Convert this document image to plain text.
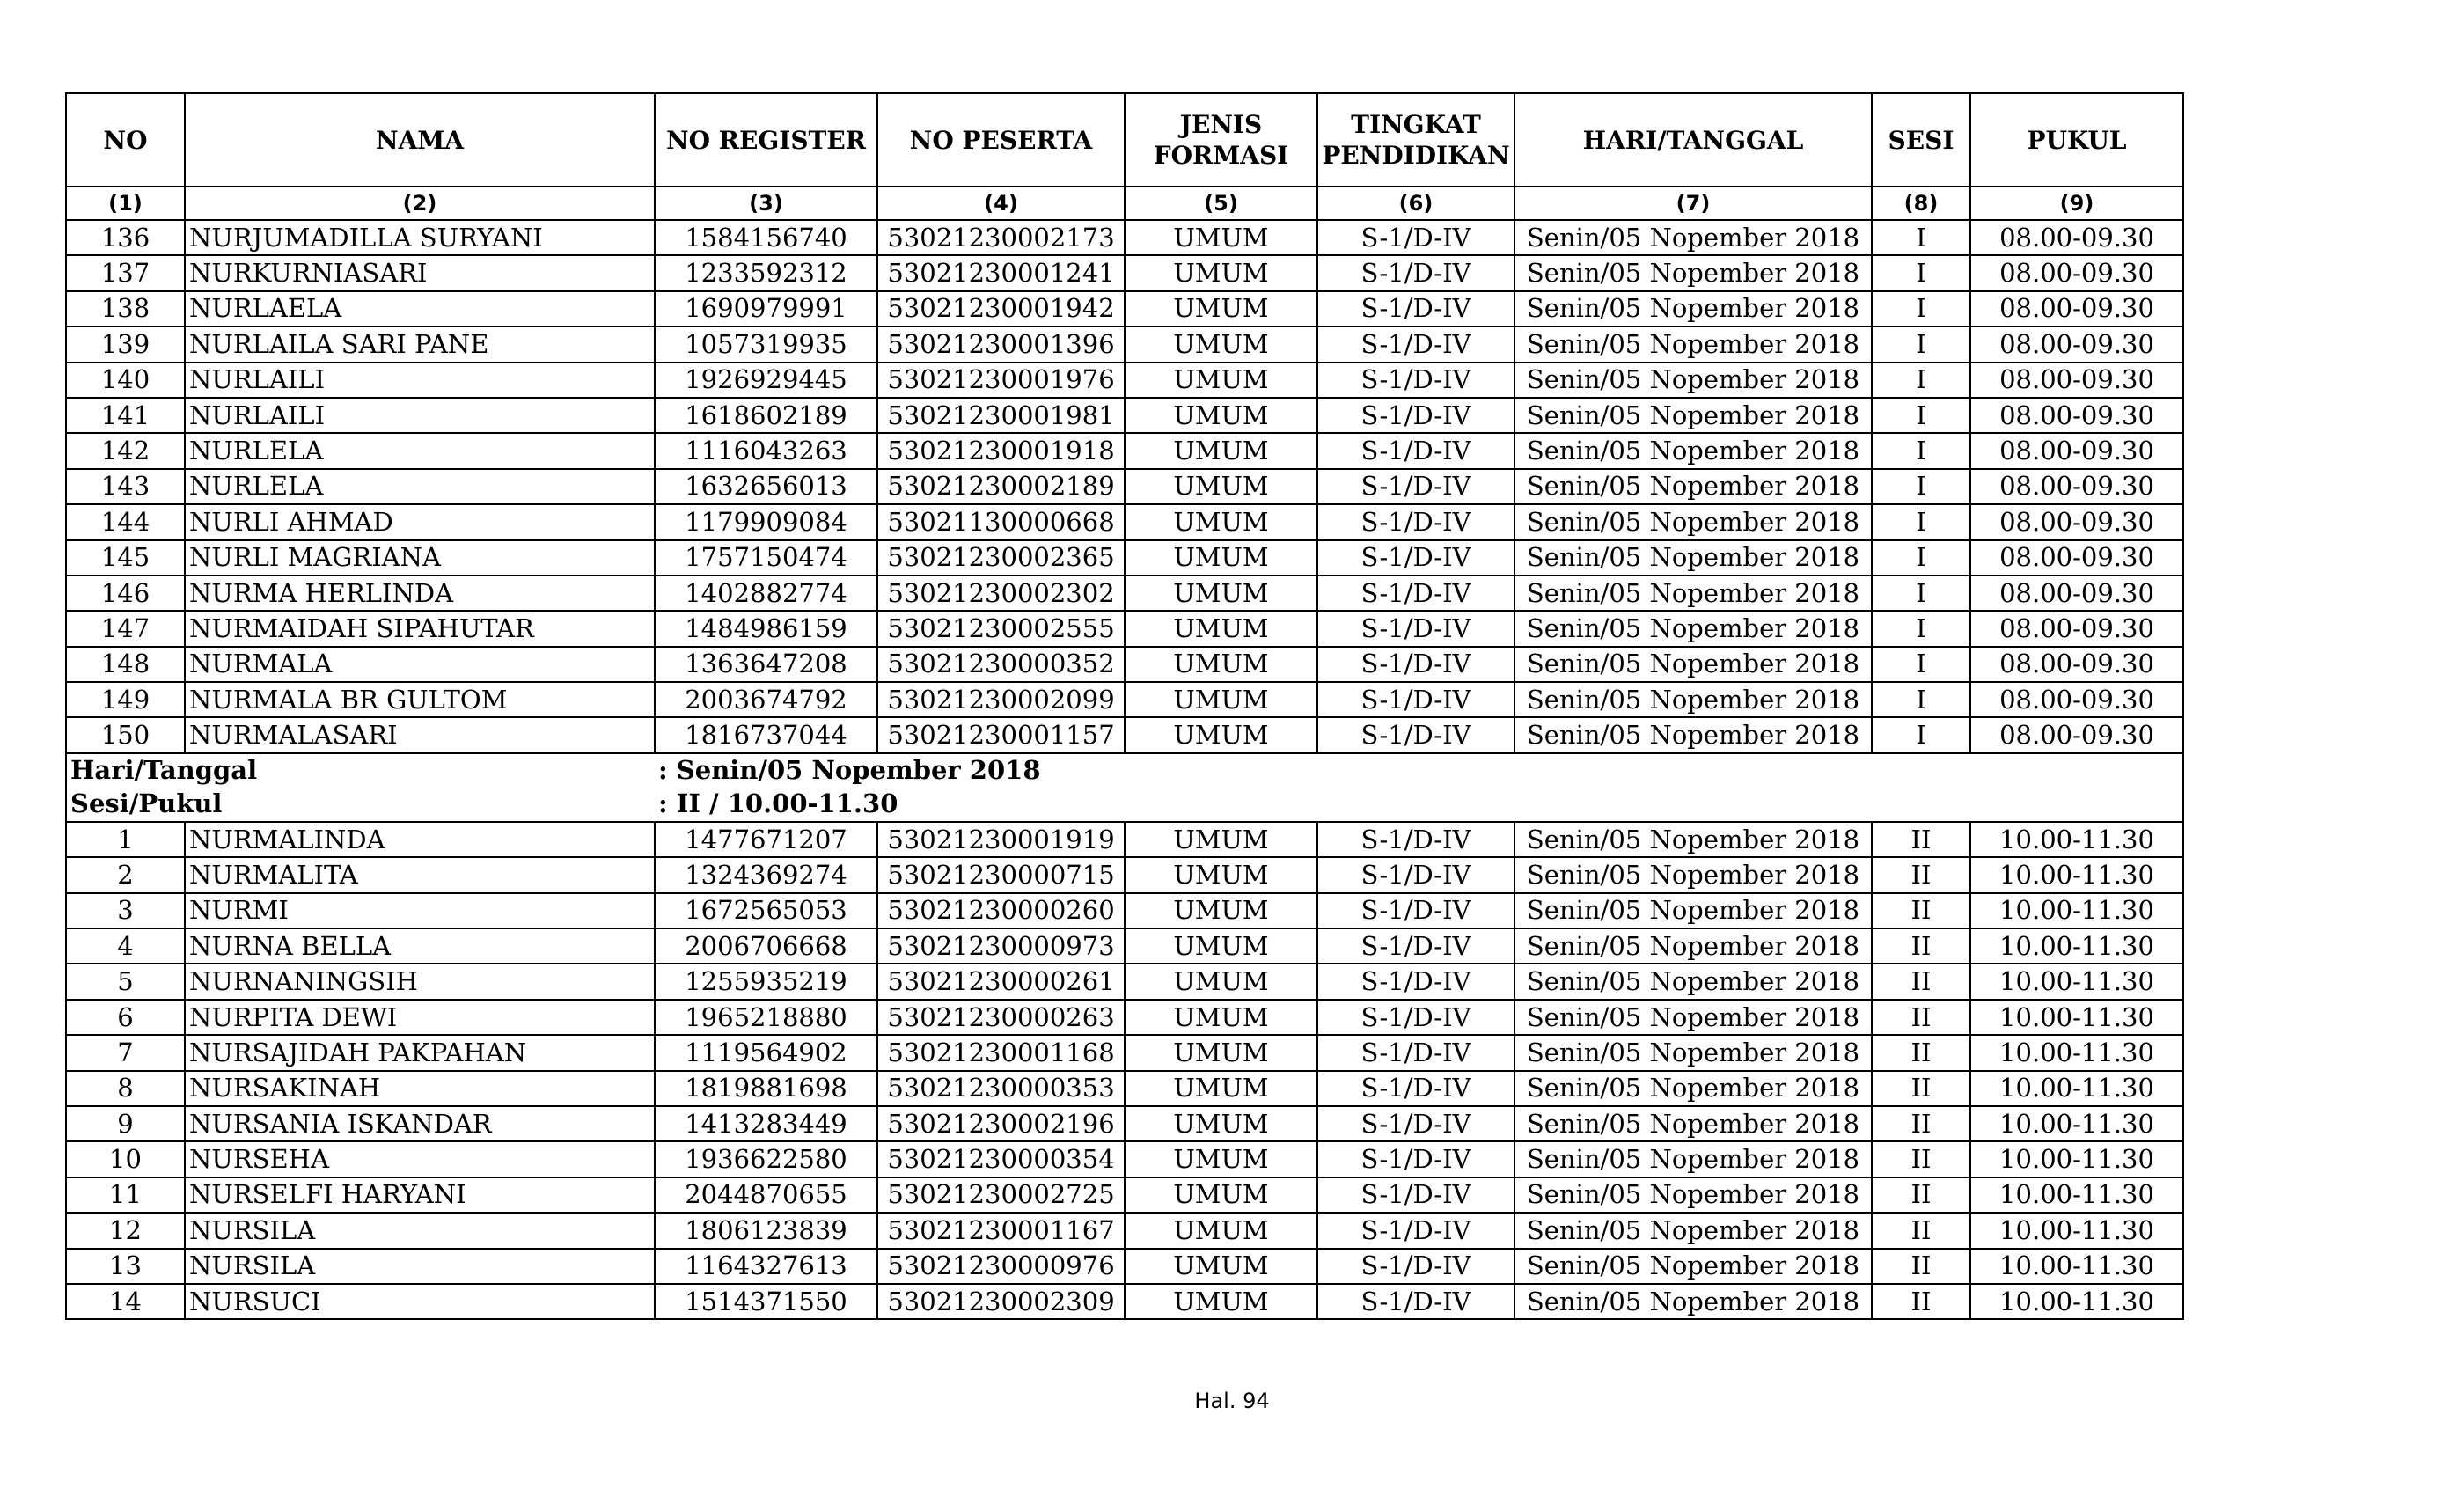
NO	NAMA	NO REGISTER	NO PESERTA	JENIS FORMASI	TINGKAT PENDIDIKAN	HARI/TANGGAL	SESI	PUKUL
(1)	(2)	(3)	(4)	(5)	(6)	(7)	(8)	(9)
136	NURJUMADILLA SURYANI	1584156740	53021230002173	UMUM	S-1/D-IV	Senin/05 Nopember 2018	I	08.00-09.30
137	NURKURNIASARI	1233592312	53021230001241	UMUM	S-1/D-IV	Senin/05 Nopember 2018	I	08.00-09.30
138	NURLAELA	1690979991	53021230001942	UMUM	S-1/D-IV	Senin/05 Nopember 2018	I	08.00-09.30
139	NURLAILA SARI PANE	1057319935	53021230001396	UMUM	S-1/D-IV	Senin/05 Nopember 2018	I	08.00-09.30
140	NURLAILI	1926929445	53021230001976	UMUM	S-1/D-IV	Senin/05 Nopember 2018	I	08.00-09.30
141	NURLAILI	1618602189	53021230001981	UMUM	S-1/D-IV	Senin/05 Nopember 2018	I	08.00-09.30
142	NURLELA	1116043263	53021230001918	UMUM	S-1/D-IV	Senin/05 Nopember 2018	I	08.00-09.30
143	NURLELA	1632656013	53021230002189	UMUM	S-1/D-IV	Senin/05 Nopember 2018	I	08.00-09.30
144	NURLI AHMAD	1179909084	53021130000668	UMUM	S-1/D-IV	Senin/05 Nopember 2018	I	08.00-09.30
145	NURLI MAGRIANA	1757150474	53021230002365	UMUM	S-1/D-IV	Senin/05 Nopember 2018	I	08.00-09.30
146	NURMA HERLINDA	1402882774	53021230002302	UMUM	S-1/D-IV	Senin/05 Nopember 2018	I	08.00-09.30
147	NURMAIDAH SIPAHUTAR	1484986159	53021230002555	UMUM	S-1/D-IV	Senin/05 Nopember 2018	I	08.00-09.30
148	NURMALA	1363647208	53021230000352	UMUM	S-1/D-IV	Senin/05 Nopember 2018	I	08.00-09.30
149	NURMALA BR GULTOM	2003674792	53021230002099	UMUM	S-1/D-IV	Senin/05 Nopember 2018	I	08.00-09.30
150	NURMALASARI	1816737044	53021230001157	UMUM	S-1/D-IV	Senin/05 Nopember 2018	I	08.00-09.30
Hari/Tanggal		: Senin/05 Nopember 2018						
Sesi/Pukul		: II / 10.00-11.30						
1	NURMALINDA	1477671207	53021230001919	UMUM	S-1/D-IV	Senin/05 Nopember 2018	II	10.00-11.30
2	NURMALITA	1324369274	53021230000715	UMUM	S-1/D-IV	Senin/05 Nopember 2018	II	10.00-11.30
3	NURMI	1672565053	53021230000260	UMUM	S-1/D-IV	Senin/05 Nopember 2018	II	10.00-11.30
4	NURNA BELLA	2006706668	53021230000973	UMUM	S-1/D-IV	Senin/05 Nopember 2018	II	10.00-11.30
5	NURNANINGSIH	1255935219	53021230000261	UMUM	S-1/D-IV	Senin/05 Nopember 2018	II	10.00-11.30
6	NURPITA DEWI	1965218880	53021230000263	UMUM	S-1/D-IV	Senin/05 Nopember 2018	II	10.00-11.30
7	NURSAJIDAH PAKPAHAN	1119564902	53021230001168	UMUM	S-1/D-IV	Senin/05 Nopember 2018	II	10.00-11.30
8	NURSAKINAH	1819881698	53021230000353	UMUM	S-1/D-IV	Senin/05 Nopember 2018	II	10.00-11.30
9	NURSANIA ISKANDAR	1413283449	53021230002196	UMUM	S-1/D-IV	Senin/05 Nopember 2018	II	10.00-11.30
10	NURSEHA	1936622580	53021230000354	UMUM	S-1/D-IV	Senin/05 Nopember 2018	II	10.00-11.30
11	NURSELFI HARYANI	2044870655	53021230002725	UMUM	S-1/D-IV	Senin/05 Nopember 2018	II	10.00-11.30
12	NURSILA	1806123839	53021230001167	UMUM	S-1/D-IV	Senin/05 Nopember 2018	II	10.00-11.30
13	NURSILA	1164327613	53021230000976	UMUM	S-1/D-IV	Senin/05 Nopember 2018	II	10.00-11.30
14	NURSUCI	1514371550	53021230002309	UMUM	S-1/D-IV	Senin/05 Nopember 2018	II	10.00-11.30
Hal. 94
